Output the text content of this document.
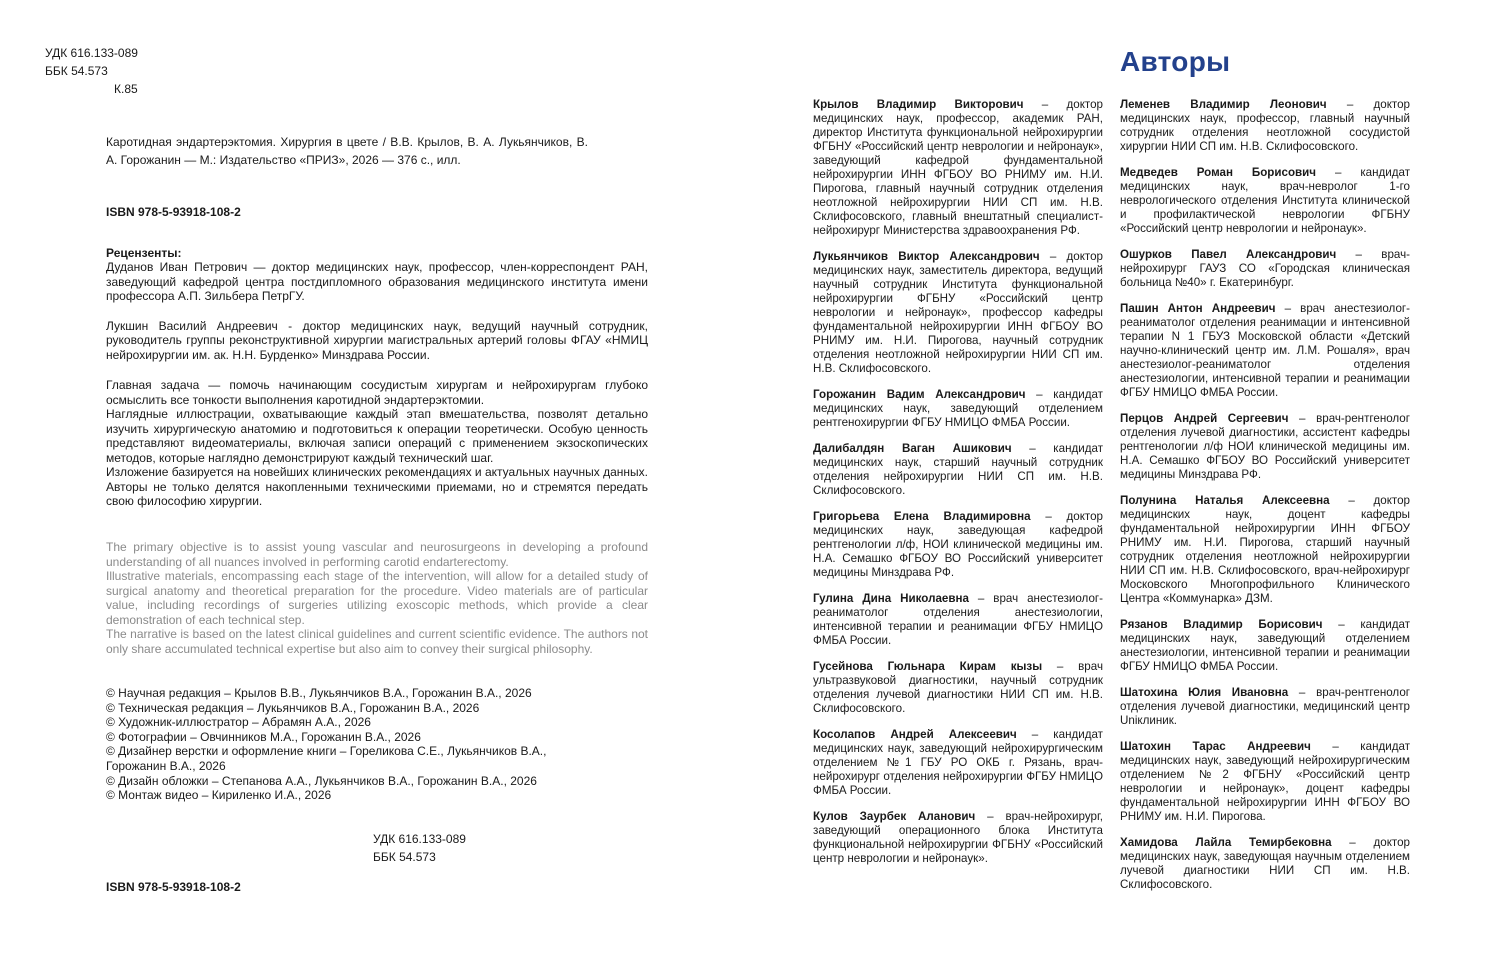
УДК 616.133-089
ББК 54.573
К.85
Каротидная эндартерэктомия. Хирургия в цвете / В.В. Крылов, В. А. Лукьянчиков, В. А. Горожанин — М.: Издательство «ПРИЗ», 2026 — 376 с., илл.
ISBN 978-5-93918-108-2
Рецензенты:
Дуданов Иван Петрович — доктор медицинских наук, профессор, член-корреспондент РАН, заведующий кафедрой центра постдипломного образования медицинского института имени профессора А.П. Зильбера ПетрГУ.
Лукшин Василий Андреевич - доктор медицинских наук, ведущий научный сотрудник, руководитель группы реконструктивной хирургии магистральных артерий головы ФГАУ «НМИЦ нейрохирургии им. ак. Н.Н. Бурденко» Минздрава России.
Главная задача — помочь начинающим сосудистым хирургам и нейрохирургам глубоко осмыслить все тонкости выполнения каротидной эндартерэктомии.
Наглядные иллюстрации, охватывающие каждый этап вмешательства, позволят детально изучить хирургическую анатомию и подготовиться к операции теоретически. Особую ценность представляют видеоматериалы, включая записи операций с применением экзоскопических методов, которые наглядно демонстрируют каждый технический шаг.
Изложение базируется на новейших клинических рекомендациях и актуальных научных данных. Авторы не только делятся накопленными техническими приемами, но и стремятся передать свою философию хирургии.
The primary objective is to assist young vascular and neurosurgeons in developing a profound understanding of all nuances involved in performing carotid endarterectomy.
Illustrative materials, encompassing each stage of the intervention, will allow for a detailed study of surgical anatomy and theoretical preparation for the procedure. Video materials are of particular value, including recordings of surgeries utilizing exoscopic methods, which provide a clear demonstration of each technical step.
The narrative is based on the latest clinical guidelines and current scientific evidence. The authors not only share accumulated technical expertise but also aim to convey their surgical philosophy.
© Научная редакция – Крылов В.В., Лукьянчиков В.А., Горожанин В.А., 2026
© Техническая редакция – Лукьянчиков В.А., Горожанин В.А., 2026
© Художник-иллюстратор – Абрамян А.А., 2026
© Фотографии – Овчинников М.А., Горожанин В.А., 2026
© Дизайнер верстки и оформление книги – Гореликова С.Е., Лукьянчиков В.А., Горожанин В.А., 2026
© Дизайн обложки – Степанова А.А., Лукьянчиков В.А., Горожанин В.А., 2026
© Монтаж видео – Кириленко И.А., 2026
УДК 616.133-089
ББК 54.573
ISBN 978-5-93918-108-2
Авторы

Крылов Владимир Викторович – доктор медицинских наук, профессор, академик РАН, директор Института функциональной нейрохирургии ФГБНУ «Российский центр неврологии и нейронаук», заведующий кафедрой фундаментальной нейрохирургии ИНН ФГБОУ ВО РНИМУ им. Н.И. Пирогова, главный научный сотрудник отделения неотложной нейрохирургии НИИ СП им. Н.В. Склифосовского, главный внештатный специалист-нейрохирург Министерства здравоохранения РФ.

Лукьянчиков Виктор Александрович – доктор медицинских наук, заместитель директора, ведущий научный сотрудник Института функциональной нейрохирургии ФГБНУ «Российский центр неврологии и нейронаук», профессор кафедры фундаментальной нейрохирургии ИНН ФГБОУ ВО РНИМУ им. Н.И. Пирогова, научный сотрудник отделения неотложной нейрохирургии НИИ СП им. Н.В. Склифосовского.

Горожанин Вадим Александрович – кандидат медицинских наук, заведующий отделением рентгенохирургии ФГБУ НМИЦО ФМБА России.

Далибалдян Ваган Ашикович – кандидат медицинских наук, старший научный сотрудник отделения нейрохирургии НИИ СП им. Н.В. Склифосовского.

Григорьева Елена Владимировна – доктор медицинских наук, заведующая кафедрой рентгенологии л/ф, НОИ клинической медицины им. Н.А. Семашко ФГБОУ ВО Российский университет медицины Минздрава РФ.

Гулина Дина Николаевна – врач анестезиолог-реаниматолог отделения анестезиологии, интенсивной терапии и реанимации ФГБУ НМИЦО ФМБА России.

Гусейнова Гюльнара Кирам кызы – врач ультразвуковой диагностики, научный сотрудник отделения лучевой диагностики НИИ СП им. Н.В. Склифосовского.

Косолапов Андрей Алексеевич – кандидат медицинских наук, заведующий нейрохирургическим отделением №1 ГБУ РО ОКБ г. Рязань, врач-нейрохирург отделения нейрохирургии ФГБУ НМИЦО ФМБА России.

Кулов Заурбек Аланович – врач-нейрохирург, заведующий операционного блока Института функциональной нейрохирургии ФГБНУ «Российский центр неврологии и нейронаук».

Леменев Владимир Леонович – доктор медицинских наук, профессор, главный научный сотрудник отделения неотложной сосудистой хирургии НИИ СП им. Н.В. Склифосовского.

Медведев Роман Борисович – кандидат медицинских наук, врач-невролог 1-го неврологического отделения Института клинической и профилактической неврологии ФГБНУ «Российский центр неврологии и нейронаук».

Ошурков Павел Александрович – врач-нейрохирург ГАУЗ СО «Городская клиническая больница №40» г. Екатеринбург.

Пашин Антон Андреевич – врач анестезиолог-реаниматолог отделения реанимации и интенсивной терапии N 1 ГБУЗ Московской области «Детский научно-клинический центр им. Л.М. Рошаля», врач анестезиолог-реаниматолог отделения анестезиологии, интенсивной терапии и реанимации ФГБУ НМИЦО ФМБА России.

Перцов Андрей Сергеевич – врач-рентгенолог отделения лучевой диагностики, ассистент кафедры рентгенологии л/ф НОИ клинической медицины им. Н.А. Семашко ФГБОУ ВО Российский университет медицины Минздрава РФ.

Полунина Наталья Алексеевна – доктор медицинских наук, доцент кафедры фундаментальной нейрохирургии ИНН ФГБОУ РНИМУ им. Н.И. Пирогова, старший научный сотрудник отделения неотложной нейрохирургии НИИ СП им. Н.В. Склифосовского, врач-нейрохирург Московского Многопрофильного Клинического Центра «Коммунарка» ДЗМ.

Рязанов Владимир Борисович – кандидат медицинских наук, заведующий отделением анестезиологии, интенсивной терапии и реанимации ФГБУ НМИЦО ФМБА России.

Шатохина Юлия Ивановна – врач-рентгенолог отделения лучевой диагностики, медицинский центр Uniклиник.

Шатохин Тарас Андреевич – кандидат медицинских наук, заведующий нейрохирургическим отделением №2 ФГБНУ «Российский центр неврологии и нейронаук», доцент кафедры фундаментальной нейрохирургии ИНН ФГБОУ ВО РНИМУ им. Н.И. Пирогова.

Хамидова Лайла Темирбековна – доктор медицинских наук, заведующая научным отделением лучевой диагностики НИИ СП им. Н.В. Склифосовского.
